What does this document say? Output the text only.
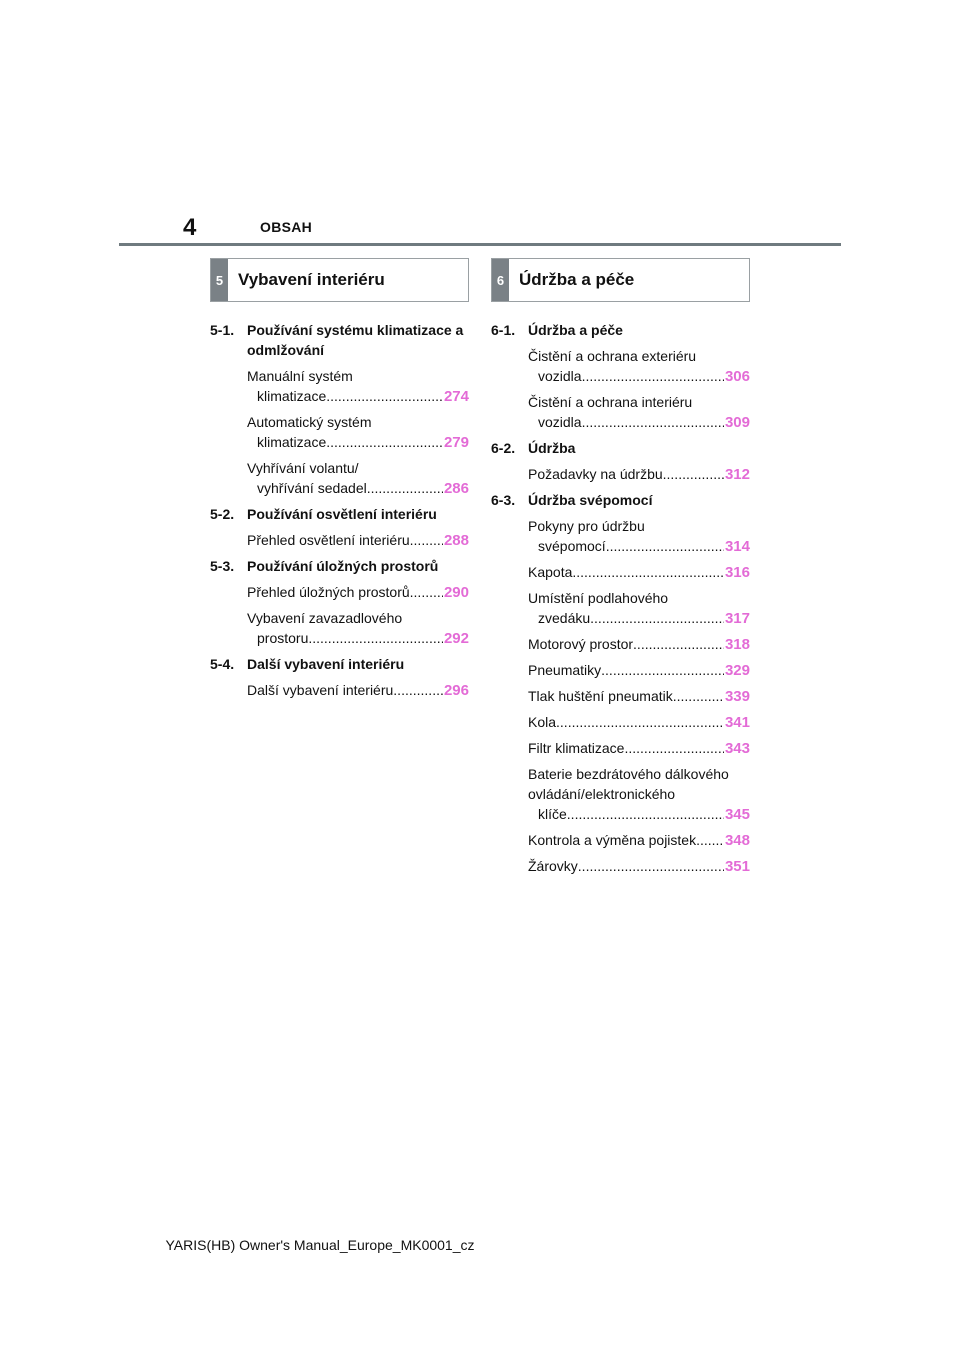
4	OBSAH
5 Vybavení interiéru
5-1. Používání systému klimatizace a odmlžování
Manuální systém
klimatizace .....	274
Automatický systém
klimatizace .....	279
Vyhřívání volantu/
vyhřívání sedadel .....	286
5-2. Používání osvětlení interiéru
Přehled osvětlení interiéru ..... 288
5-3. Používání úložných prostorů
Přehled úložných prostorů ..... 290
Vybavení zavazadlového
prostoru .....	292
5-4. Další vybavení interiéru
Další vybavení interiéru .....	296
6 Údržba a péče
6-1. Údržba a péče
Čistění a ochrana exteriéru
vozidla .....	306
Čistění a ochrana interiéru
vozidla .....	309
6-2. Údržba
Požadavky na údržbu .....	312
6-3. Údržba svépomocí
Pokyny pro údržbu
svépomocí .....	314
Kapota .....	316
Umístění podlahového
zvedáku .....	317
Motorový prostor .....	318
Pneumatiky .....	329
Tlak huštění pneumatik .....	339
Kola .....	341
Filtr klimatizace .....	343
Baterie bezdrátového dálkového ovládání/elektronického
klíče .....	345
Kontrola a výměna pojistek ..... 348
Žárovky .....	351
YARIS(HB) Owner's Manual_Europe_MK0001_cz
